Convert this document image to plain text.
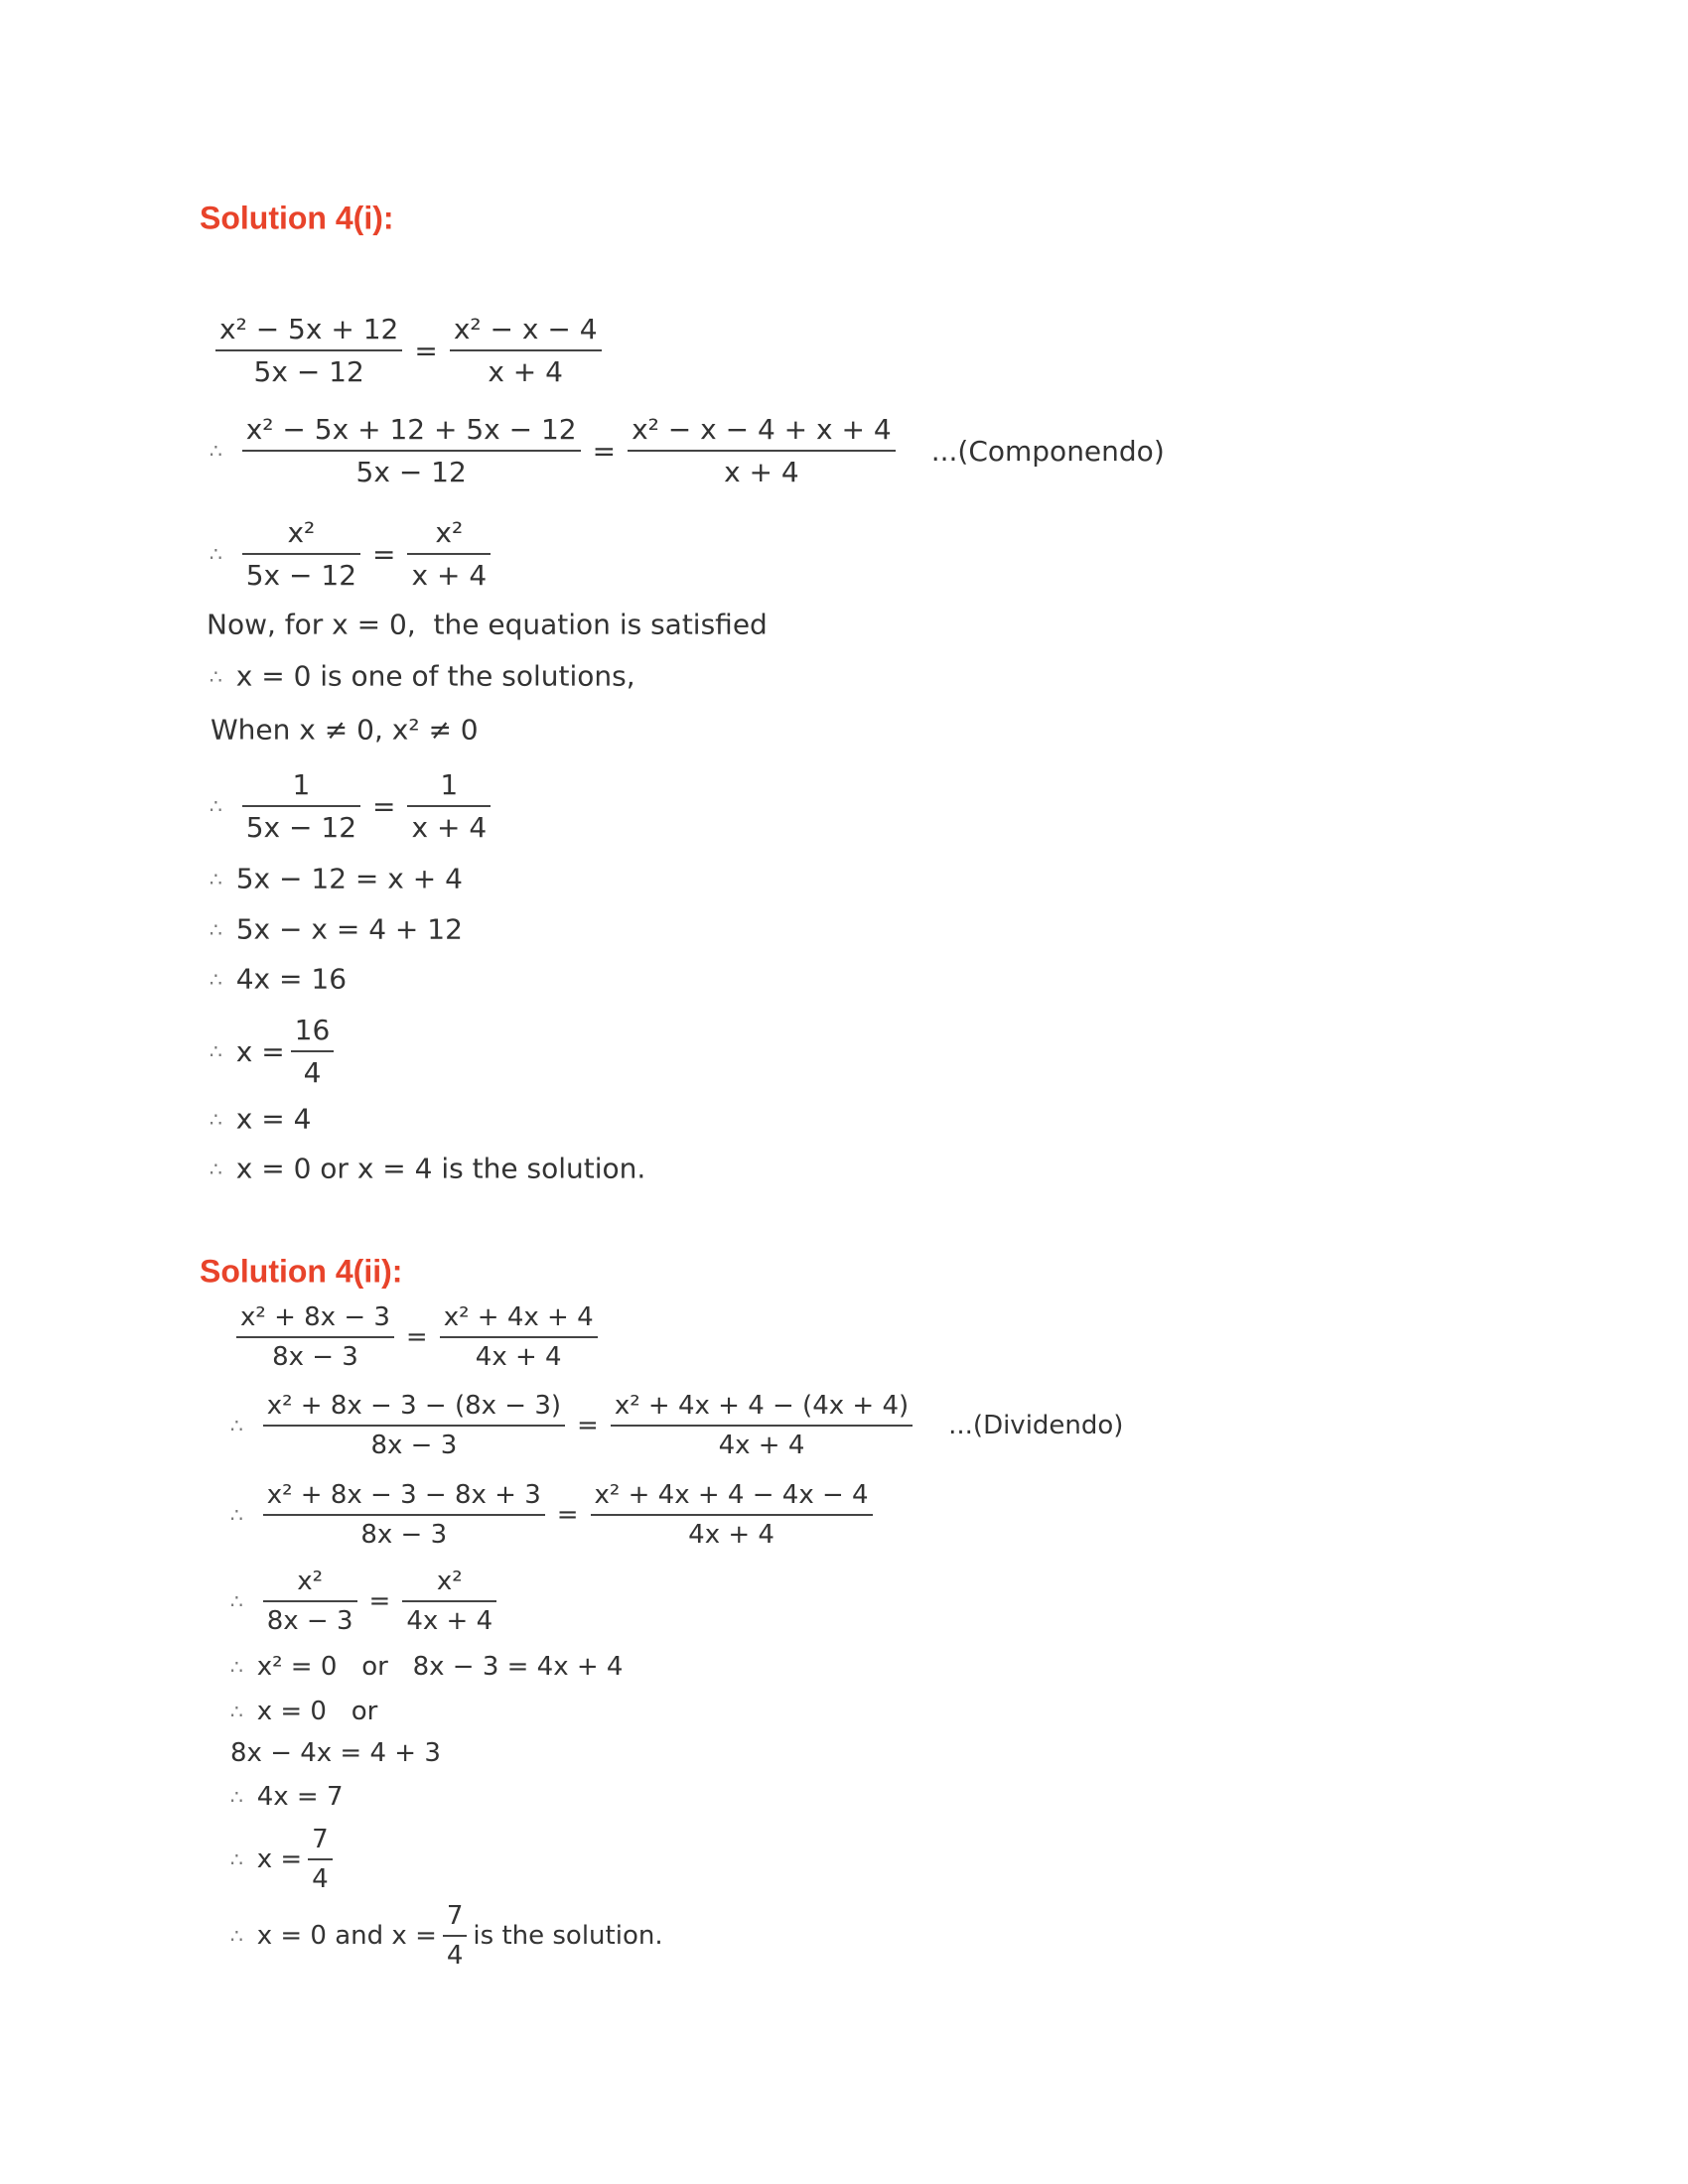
Solution 4(i):
$\frac{\text{x² − 5x + 12}}{5x - 12} = \frac{\text{x² − x − 4}}{x + 4}$
∴ $\frac{\text{x² − 5x + 12 + 5x − 12}}{5x - 12} = \frac{\text{x² − x − 4 + x + 4}}{x + 4}$ ...(Componendo)
∴ $\frac{\text{x²}}{5x - 12} = \frac{\text{x²}}{x + 4}$
Now, for x = 0,  the equation is satisfied
∴ x = 0 is one of the solutions,
When x ≠ 0, x² ≠ 0
∴ $\frac{1}{5x - 12} = \frac{1}{x + 4}$
∴ 5x − 12 = x + 4
∴ 5x − x = 4 + 12
∴ 4x = 16
∴ $x = \frac{16}{4}$
∴ x = 4
∴ x = 0 or x = 4 is the solution.
Solution 4(ii):
$\frac{\text{x² + 8x − 3}}{8x - 3} = \frac{\text{x² + 4x + 4}}{4x + 4}$
∴ $\frac{\text{x² + 8x − 3 − (8x − 3)}}{8x - 3} = \frac{\text{x² + 4x + 4 − (4x + 4)}}{4x + 4}$ ...(Dividendo)
∴ $\frac{\text{x² + 8x − 3 − 8x + 3}}{8x - 3} = \frac{\text{x² + 4x + 4 − 4x − 4}}{4x + 4}$
∴ $\frac{\text{x²}}{8x - 3} = \frac{\text{x²}}{4x + 4}$
∴ x² = 0   or   8x − 3 = 4x + 4
∴ x = 0   or
8x − 4x = 4 + 3
∴ 4x = 7
∴ $x = \frac{7}{4}$
∴ x = 0 and $x = \frac{7}{4}$ is the solution.
